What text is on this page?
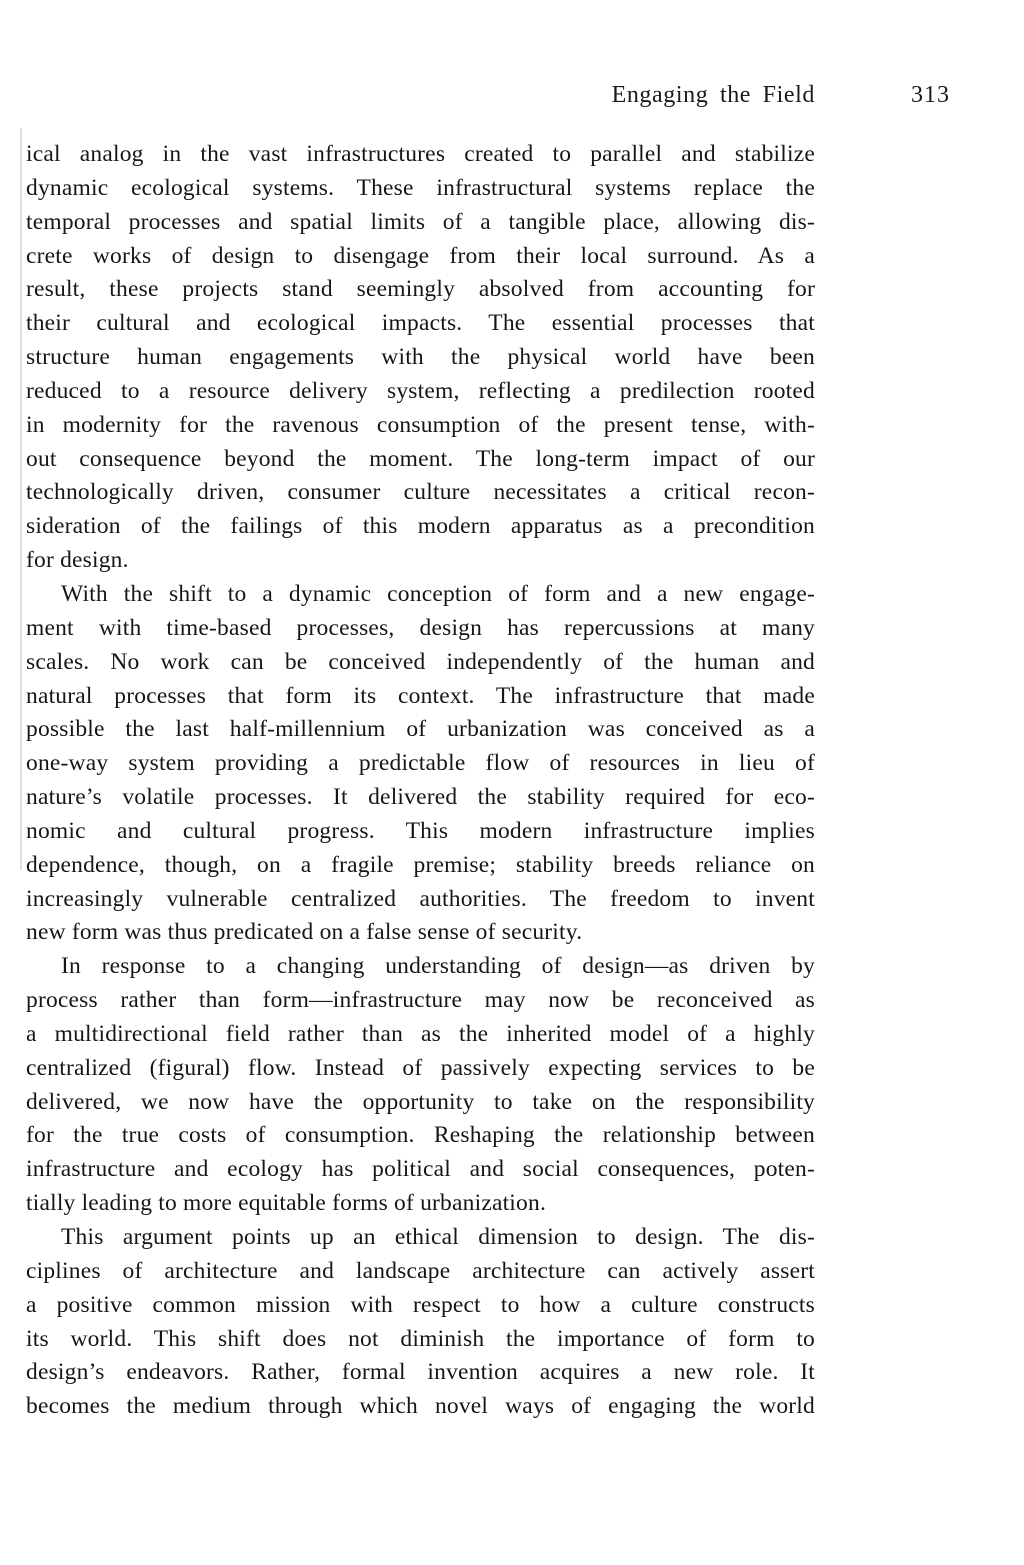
Engaging the Field	313
ical analog in the vast infrastructures created to parallel and stabilize
dynamic ecological systems. These infrastructural systems replace the
temporal processes and spatial limits of a tangible place, allowing dis-
crete works of design to disengage from their local surround. As a
result, these projects stand seemingly absolved from accounting for
their cultural and ecological impacts. The essential processes that
structure human engagements with the physical world have been
reduced to a resource delivery system, reflecting a predilection rooted
in modernity for the ravenous consumption of the present tense, with-
out consequence beyond the moment. The long-term impact of our
technologically driven, consumer culture necessitates a critical recon-
sideration of the failings of this modern apparatus as a precondition
for design.
With the shift to a dynamic conception of form and a new engage-
ment with time-based processes, design has repercussions at many
scales. No work can be conceived independently of the human and
natural processes that form its context. The infrastructure that made
possible the last half-millennium of urbanization was conceived as a
one-way system providing a predictable flow of resources in lieu of
nature’s volatile processes. It delivered the stability required for eco-
nomic and cultural progress. This modern infrastructure implies
dependence, though, on a fragile premise; stability breeds reliance on
increasingly vulnerable centralized authorities. The freedom to invent
new form was thus predicated on a false sense of security.
In response to a changing understanding of design—as driven by
process rather than form—infrastructure may now be reconceived as
a multidirectional field rather than as the inherited model of a highly
centralized (figural) flow. Instead of passively expecting services to be
delivered, we now have the opportunity to take on the responsibility
for the true costs of consumption. Reshaping the relationship between
infrastructure and ecology has political and social consequences, poten-
tially leading to more equitable forms of urbanization.
This argument points up an ethical dimension to design. The dis-
ciplines of architecture and landscape architecture can actively assert
a positive common mission with respect to how a culture constructs
its world. This shift does not diminish the importance of form to
design’s endeavors. Rather, formal invention acquires a new role. It
becomes the medium through which novel ways of engaging the world
